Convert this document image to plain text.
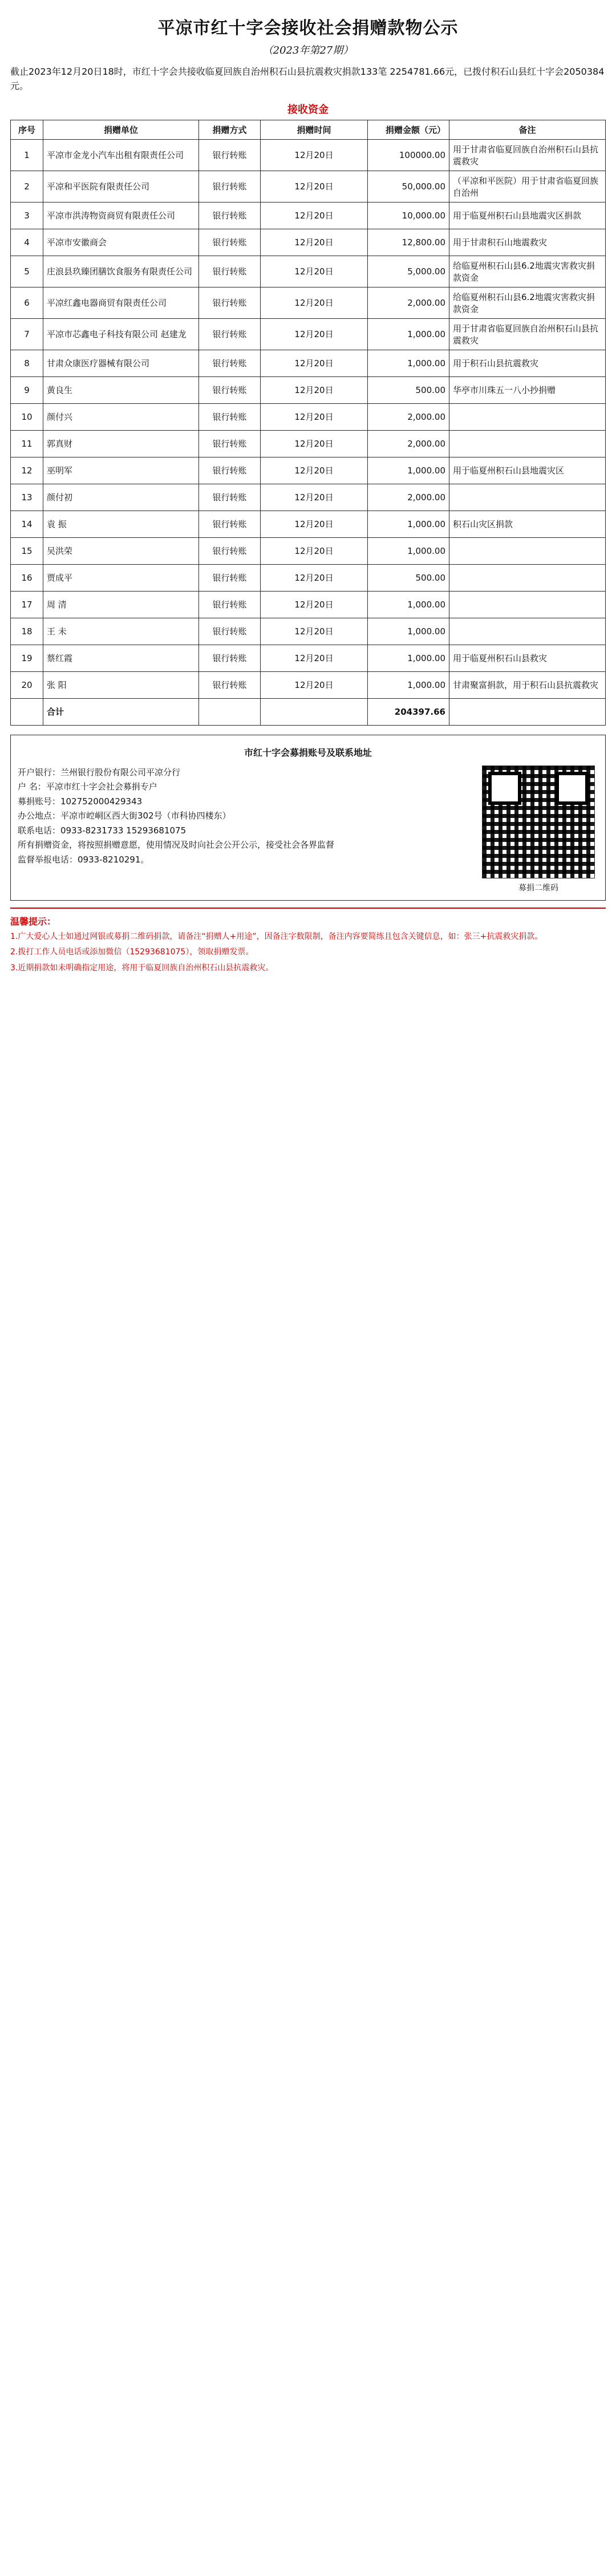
平凉市红十字会接收社会捐赠款物公示
（2023年第27期）
截止2023年12月20日18时，市红十字会共接收临夏回族自治州积石山县抗震救灾捐款133笔 2254781.66元，已拨付积石山县红十字会2050384元。
接收资金
序号	捐赠单位	捐赠方式	捐赠时间	捐赠金额（元）	备注
1	平凉市金龙小汽车出租有限责任公司	银行转账	12月20日	100000.00	用于甘肃省临夏回族自治州积石山县抗震救灾
2	平凉和平医院有限责任公司	银行转账	12月20日	50,000.00	（平凉和平医院）用于甘肃省临夏回族自治州
3	平凉市洪涛物资商贸有限责任公司	银行转账	12月20日	10,000.00	用于临夏州积石山县地震灾区捐款
4	平凉市安徽商会	银行转账	12月20日	12,800.00	用于甘肃积石山地震救灾
5	庄浪县玖臻团膳饮食服务有限责任公司	银行转账	12月20日	5,000.00	给临夏州积石山县6.2地震灾害救灾捐款资金
6	平凉红鑫电器商贸有限责任公司	银行转账	12月20日	2,000.00	给临夏州积石山县6.2地震灾害救灾捐款资金
7	平凉市芯鑫电子科技有限公司 赵建龙	银行转账	12月20日	1,000.00	用于甘肃省临夏回族自治州积石山县抗震救灾
8	甘肃众康医疗器械有限公司	银行转账	12月20日	1,000.00	用于积石山县抗震救灾
9	黄良生	银行转账	12月20日	500.00	华亭市川珠五一八小抄捐赠
10	颜付兴	银行转账	12月20日	2,000.00	
11	郭真财	银行转账	12月20日	2,000.00	
12	巫明军	银行转账	12月20日	1,000.00	用于临夏州积石山县地震灾区
13	颜付初	银行转账	12月20日	2,000.00	
14	袁 振	银行转账	12月20日	1,000.00	积石山灾区捐款
15	吴洪荣	银行转账	12月20日	1,000.00	
16	贾成平	银行转账	12月20日	500.00	
17	周 清	银行转账	12月20日	1,000.00	
18	王 未	银行转账	12月20日	1,000.00	
19	蔡红霞	银行转账	12月20日	1,000.00	用于临夏州积石山县救灾
20	张 阳	银行转账	12月20日	1,000.00	甘肃聚富捐款，用于积石山县抗震救灾
	合计			204397.66	
市红十字会募捐账号及联系地址
开户银行：兰州银行股份有限公司平凉分行
户 名：平凉市红十字会社会募捐专户
募捐账号：102752000429343
办公地点：平凉市崆峒区西大街302号（市科协四楼东）
联系电话：0933-8231733 15293681075
所有捐赠资金，将按照捐赠意愿，使用情况及时向社会公开公示，接受社会各界监督
监督举报电话：0933-8210291。
募捐二维码
温馨提示：
1.广大爱心人士如通过网银或募捐二维码捐款，请备注“捐赠人+用途”，因备注字数限制，备注内容要简练且包含关键信息，如：张三+抗震救灾捐款。
2.拨打工作人员电话或添加微信（15293681075），领取捐赠发票。
3.近期捐款如未明确指定用途，将用于临夏回族自治州积石山县抗震救灾。
